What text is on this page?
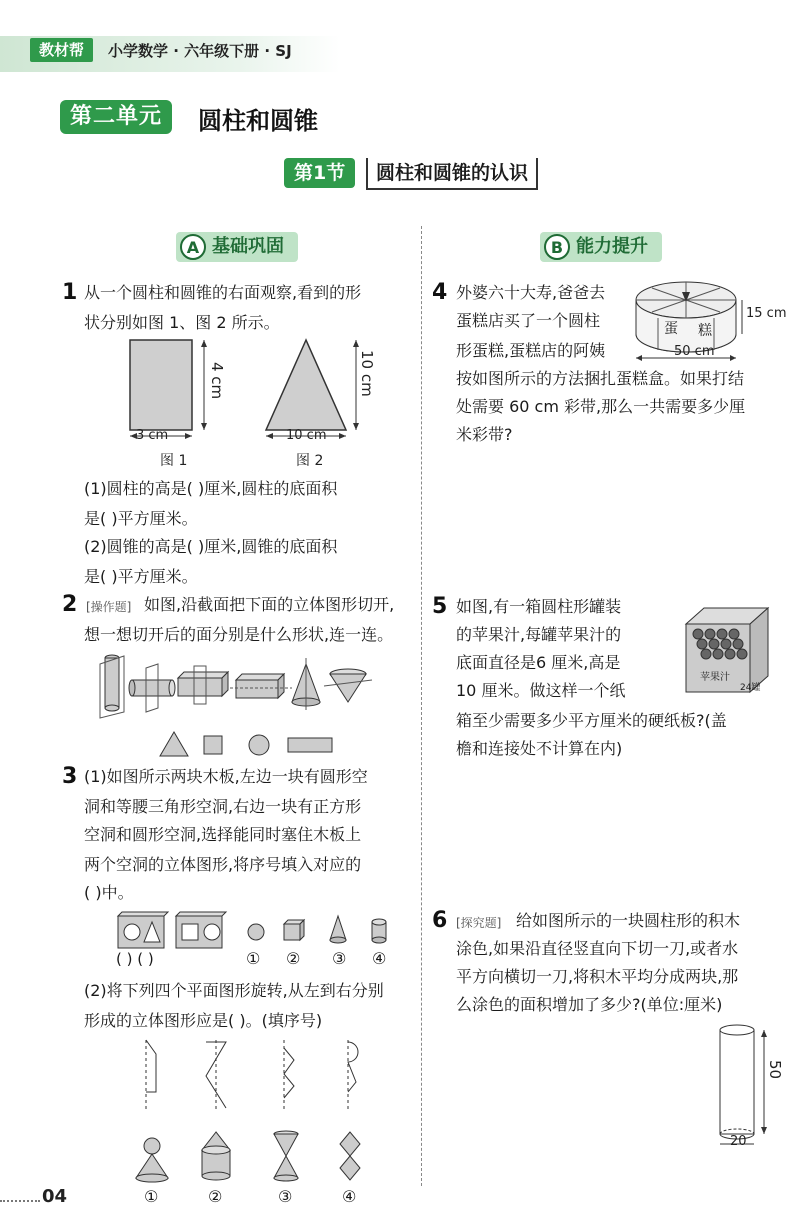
教材帮	小学数学 · 六年级下册 · SJ
第二单元	圆柱和圆锥
第1节	圆柱和圆锥的认识
A 基础巩固	B 能力提升
1 从一个圆柱和圆锥的右面观察,看到的形
状分别如图 1、图 2 所示。
4 cm
3 cm
10 cm
10 cm
图 1	图 2
(1)圆柱的高是( )厘米,圆柱的底面积
是( )平方厘米。
(2)圆锥的高是( )厘米,圆锥的底面积
是( )平方厘米。
2 [操作题] 如图,沿截面把下面的立体图形切开,
想一想切开后的面分别是什么形状,连一连。
3 (1)如图所示两块木板,左边一块有圆形空
洞和等腰三角形空洞,右边一块有正方形
空洞和圆形空洞,选择能同时塞住木板上
两个空洞的立体图形,将序号填入对应的
( )中。
( ) ( )	① ② ③ ④
(2)将下列四个平面图形旋转,从左到右分别
形成的立体图形应是( )。(填序号)
①	②	③	④
4 外婆六十大寿,爸爸去
蛋糕店买了一个圆柱
形蛋糕,蛋糕店的阿姨
按如图所示的方法捆扎蛋糕盒。如果打结
处需要 60 cm 彩带,那么一共需要多少厘
米彩带?
蛋 糕
15 cm
50 cm
5 如图,有一箱圆柱形罐装
的苹果汁,每罐苹果汁的
底面直径是6 厘米,高是
10 厘米。做这样一个纸
箱至少需要多少平方厘米的硬纸板?(盖
檐和连接处不计算在内)
苹果汁
24罐
6 [探究题] 给如图所示的一块圆柱形的积木
涂色,如果沿直径竖直向下切一刀,或者水
平方向横切一刀,将积木平均分成两块,那
么涂色的面积增加了多少?(单位:厘米)
50
20
04
